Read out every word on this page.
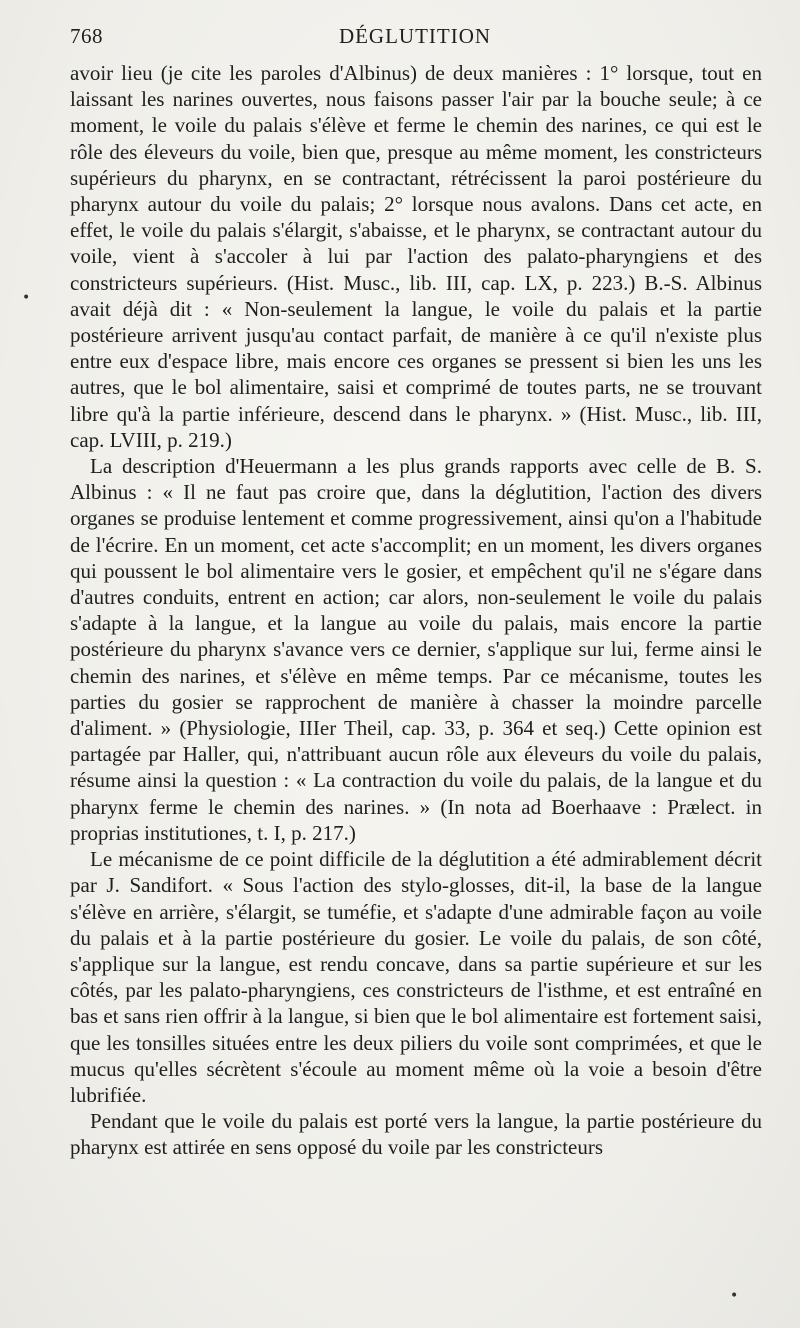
768	DÉGLUTITION

avoir lieu (je cite les paroles d'Albinus) de deux manières : 1° lorsque, tout en laissant les narines ouvertes, nous faisons passer l'air par la bouche seule; à ce moment, le voile du palais s'élève et ferme le chemin des narines, ce qui est le rôle des éleveurs du voile, bien que, presque au même moment, les constricteurs supérieurs du pharynx, en se contractant, rétrécissent la paroi postérieure du pharynx autour du voile du palais; 2° lorsque nous avalons. Dans cet acte, en effet, le voile du palais s'élargit, s'abaisse, et le pharynx, se contractant autour du voile, vient à s'accoler à lui par l'action des palato-pharyngiens et des constricteurs supérieurs. (Hist. Musc., lib. III, cap. LX, p. 223.) B.-S. Albinus avait déjà dit : « Non-seulement la langue, le voile du palais et la partie postérieure arrivent jusqu'au contact parfait, de manière à ce qu'il n'existe plus entre eux d'espace libre, mais encore ces organes se pressent si bien les uns les autres, que le bol alimentaire, saisi et comprimé de toutes parts, ne se trouvant libre qu'à la partie inférieure, descend dans le pharynx. » (Hist. Musc., lib. III, cap. LVIII, p. 219.)

La description d'Heuermann a les plus grands rapports avec celle de B. S. Albinus : « Il ne faut pas croire que, dans la déglutition, l'action des divers organes se produise lentement et comme progressivement, ainsi qu'on a l'habitude de l'écrire. En un moment, cet acte s'accomplit; en un moment, les divers organes qui poussent le bol alimentaire vers le gosier, et empêchent qu'il ne s'égare dans d'autres conduits, entrent en action; car alors, non-seulement le voile du palais s'adapte à la langue, et la langue au voile du palais, mais encore la partie postérieure du pharynx s'avance vers ce dernier, s'applique sur lui, ferme ainsi le chemin des narines, et s'élève en même temps. Par ce mécanisme, toutes les parties du gosier se rapprochent de manière à chasser la moindre parcelle d'aliment. » (Physiologie, IIIer Theil, cap. 33, p. 364 et seq.) Cette opinion est partagée par Haller, qui, n'attribuant aucun rôle aux éleveurs du voile du palais, résume ainsi la question : « La contraction du voile du palais, de la langue et du pharynx ferme le chemin des narines. » (In nota ad Boerhaave : Prælect. in proprias institutiones, t. I, p. 217.)

Le mécanisme de ce point difficile de la déglutition a été admirablement décrit par J. Sandifort. « Sous l'action des stylo-glosses, dit-il, la base de la langue s'élève en arrière, s'élargit, se tuméfie, et s'adapte d'une admirable façon au voile du palais et à la partie postérieure du gosier. Le voile du palais, de son côté, s'applique sur la langue, est rendu concave, dans sa partie supérieure et sur les côtés, par les palato-pharyngiens, ces constricteurs de l'isthme, et est entraîné en bas et sans rien offrir à la langue, si bien que le bol alimentaire est fortement saisi, que les tonsilles situées entre les deux piliers du voile sont comprimées, et que le mucus qu'elles sécrètent s'écoule au moment même où la voie a besoin d'être lubrifiée.

Pendant que le voile du palais est porté vers la langue, la partie postérieure du pharynx est attirée en sens opposé du voile par les constricteurs

•
•
